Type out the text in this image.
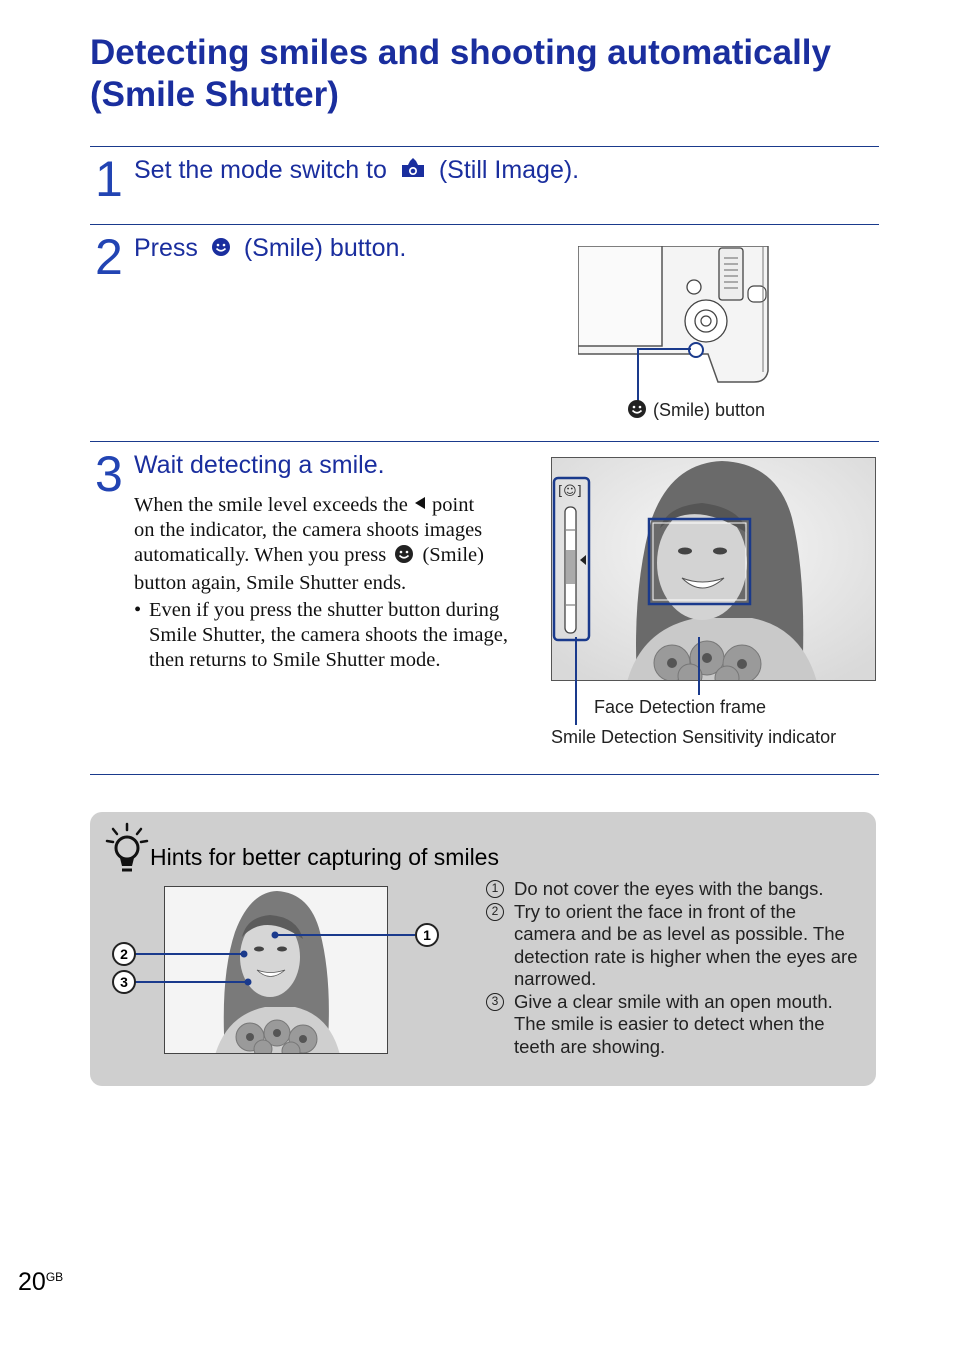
Detecting smiles and shooting automatically
(Smile Shutter)
1 Set the mode switch to (Still Image).
2 Press (Smile) button.
(Smile) button
3 Wait detecting a smile.
When the smile level exceeds the point
on the indicator, the camera shoots images
automatically. When you press (Smile)
button again, Smile Shutter ends.
• Even if you press the shutter button during Smile Shutter, the camera shoots the image, then returns to Smile Shutter mode.
[☺]
Face Detection frame
Smile Detection Sensitivity indicator
Hints for better capturing of smiles
1
2
3
1 Do not cover the eyes with the bangs.
2 Try to orient the face in front of the camera and be as level as possible. The detection rate is higher when the eyes are narrowed.
3 Give a clear smile with an open mouth. The smile is easier to detect when the teeth are showing.
$20^{GB}$
